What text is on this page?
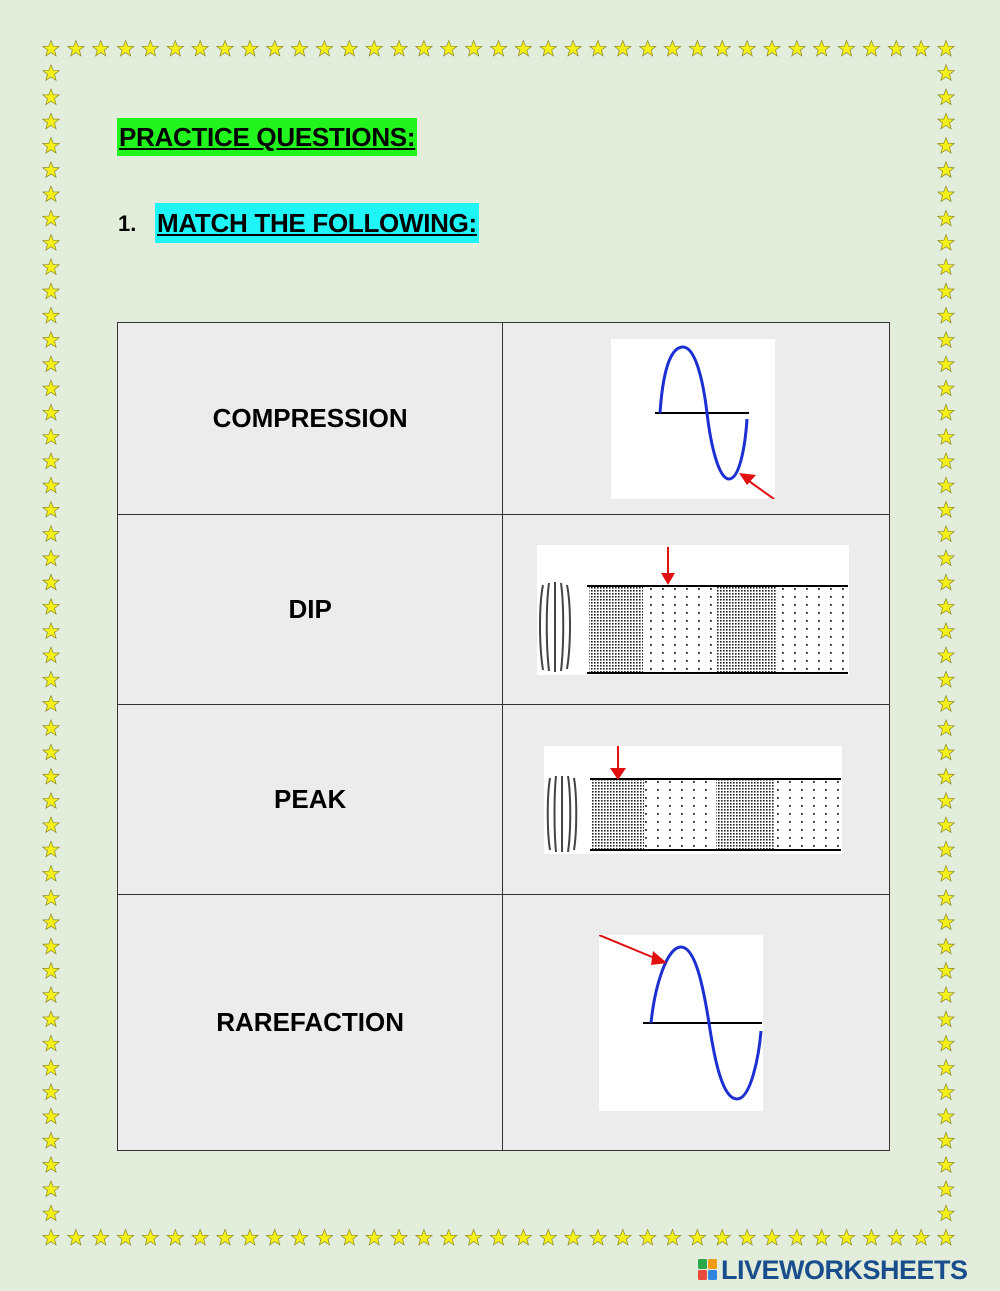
PRACTICE QUESTIONS:
1. MATCH THE FOLLOWING:
COMPRESSION	
DIP	
PEAK	
RAREFACTION	
LIVEWORKSHEETS
